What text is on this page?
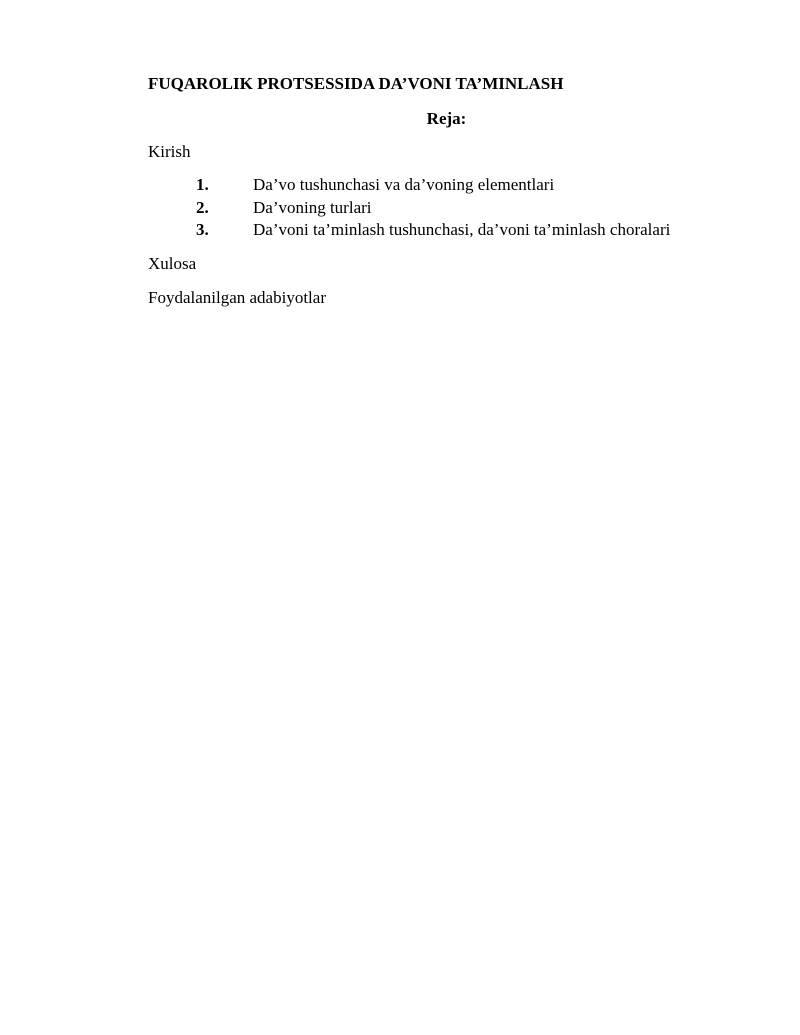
FUQAROLIK PROTSESSIDA DA’VONI TA’MINLASH
Reja:
Kirish
1.	Da’vo tushunchasi va da’voning elementlari
2.	Da’voning turlari
3.	Da’voni ta’minlash tushunchasi, da’voni ta’minlash choralari
Xulosa
Foydalanilgan adabiyotlar
